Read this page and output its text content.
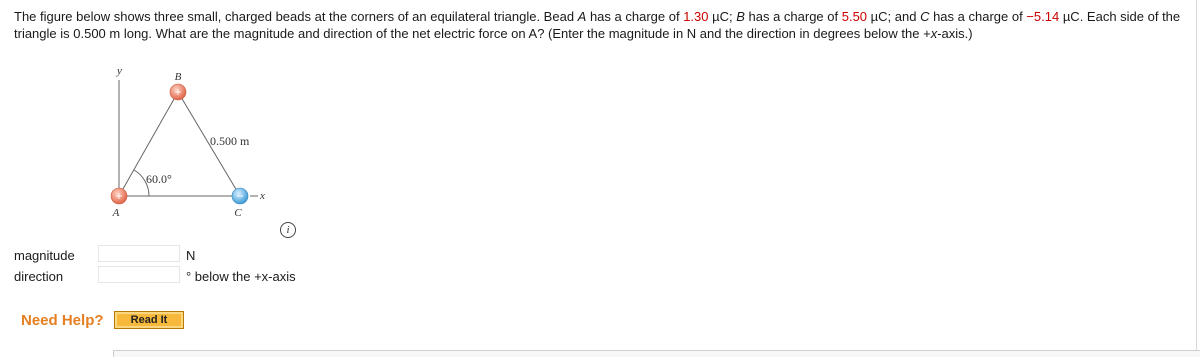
The figure below shows three small, charged beads at the corners of an equilateral triangle. Bead A has a charge of 1.30 µC; B has a charge of 5.50 µC; and C has a charge of −5.14 µC. Each side of the triangle is 0.500 m long. What are the magnitude and direction of the net electric force on A? (Enter the magnitude in N and the direction in degrees below the +x-axis.)
y
x
60.0°
0.500 m
+
B
+
A
−
C
i
magnitude	N
direction	° below the +x-axis
Need Help?	Read It
